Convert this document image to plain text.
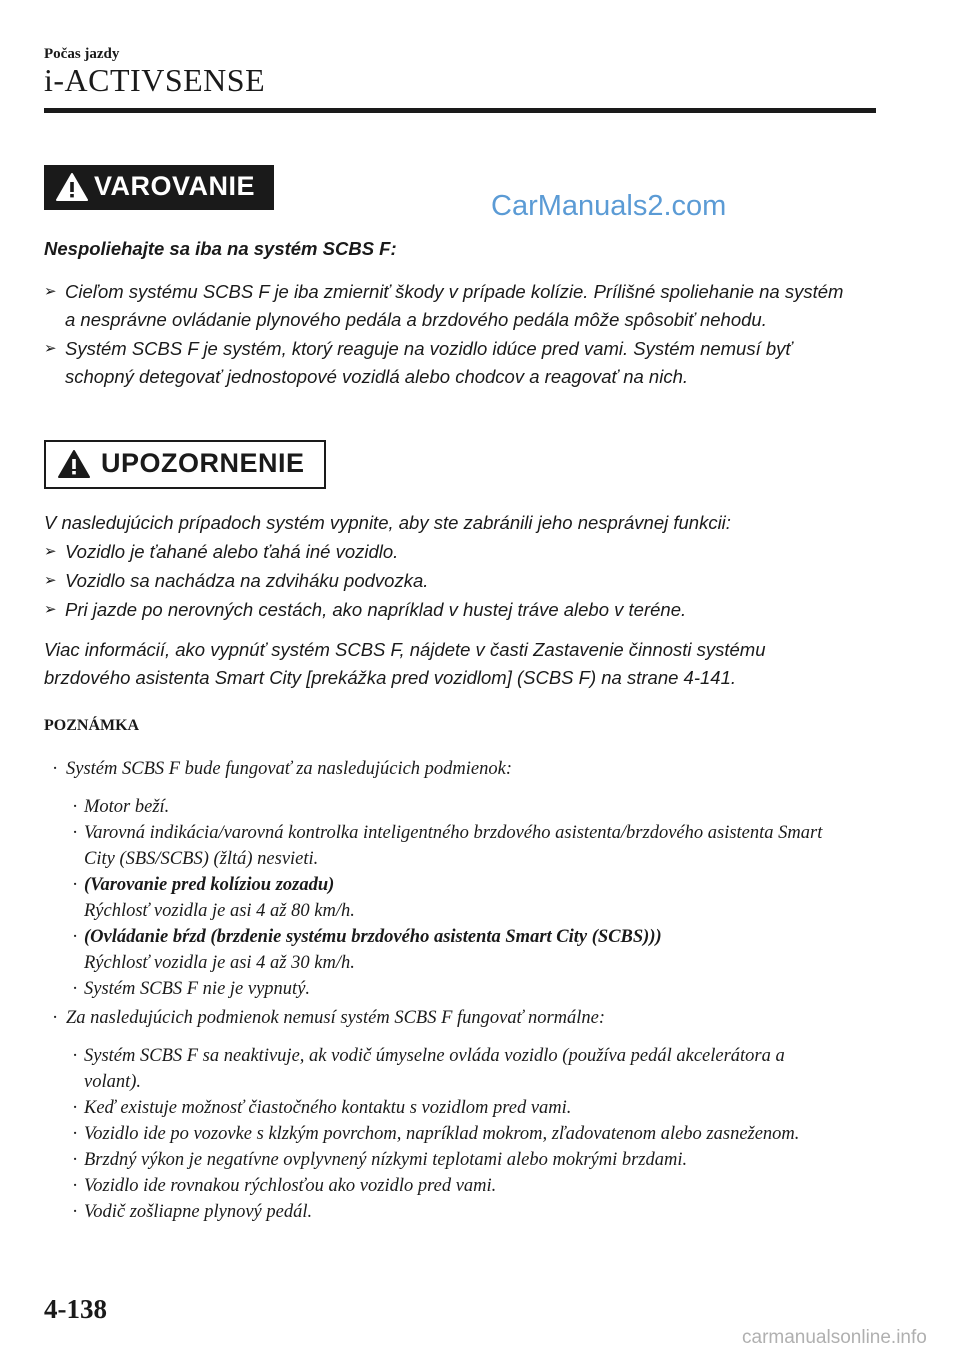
Počas jazdy
i-ACTIVSENSE
VAROVANIE
CarManuals2.com
Nespoliehajte sa iba na systém SCBS F:
➢ Cieľom systému SCBS F je iba zmierniť škody v prípade kolízie. Prílišné spoliehanie na systém a nesprávne ovládanie plynového pedála a brzdového pedála môže spôsobiť nehodu.
➢ Systém SCBS F je systém, ktorý reaguje na vozidlo idúce pred vami. Systém nemusí byť schopný detegovať jednostopové vozidlá alebo chodcov a reagovať na nich.
UPOZORNENIE
V nasledujúcich prípadoch systém vypnite, aby ste zabránili jeho nesprávnej funkcii:
➢ Vozidlo je ťahané alebo ťahá iné vozidlo.
➢ Vozidlo sa nachádza na zdviháku podvozka.
➢ Pri jazde po nerovných cestách, ako napríklad v hustej tráve alebo v teréne.
Viac informácií, ako vypnúť systém SCBS F, nájdete v časti Zastavenie činnosti systému brzdového asistenta Smart City [prekážka pred vozidlom] (SCBS F) na strane 4-141.
POZNÁMKA
· Systém SCBS F bude fungovať za nasledujúcich podmienok:
· Motor beží.
· Varovná indikácia/varovná kontrolka inteligentného brzdového asistenta/brzdového asistenta Smart City (SBS/SCBS) (žltá) nesvieti.
· (Varovanie pred kolíziou zozadu)
Rýchlosť vozidla je asi 4 až 80 km/h.
· (Ovládanie bŕzd (brzdenie systému brzdového asistenta Smart City (SCBS)))
Rýchlosť vozidla je asi 4 až 30 km/h.
· Systém SCBS F nie je vypnutý.
· Za nasledujúcich podmienok nemusí systém SCBS F fungovať normálne:
· Systém SCBS F sa neaktivuje, ak vodič úmyselne ovláda vozidlo (používa pedál akcelerátora a volant).
· Keď existuje možnosť čiastočného kontaktu s vozidlom pred vami.
· Vozidlo ide po vozovke s klzkým povrchom, napríklad mokrom, zľadovatenom alebo zasneženom.
· Brzdný výkon je negatívne ovplyvnený nízkymi teplotami alebo mokrými brzdami.
· Vozidlo ide rovnakou rýchlosťou ako vozidlo pred vami.
· Vodič zošliapne plynový pedál.
4-138
carmanualsonline.info
